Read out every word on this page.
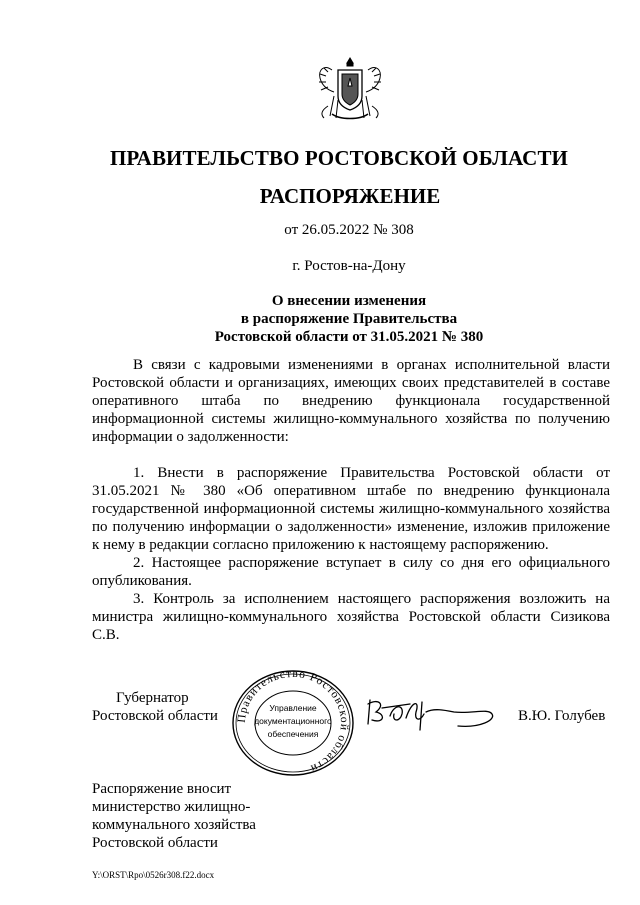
ПРАВИТЕЛЬСТВО РОСТОВСКОЙ ОБЛАСТИ
РАСПОРЯЖЕНИЕ
от 26.05.2022 № 308
г. Ростов-на-Дону
О внесении изменения
в распоряжение Правительства
Ростовской области от 31.05.2021 № 380

В связи с кадровыми изменениями в органах исполнительной власти Ростовской области и организациях, имеющих своих представителей в составе оперативного штаба по внедрению функционала государственной информационной системы жилищно-коммунального хозяйства по получению информации о задолженности:

1. Внести в распоряжение Правительства Ростовской области от 31.05.2021 № 380 «Об оперативном штабе по внедрению функционала государственной информационной системы жилищно-коммунального хозяйства по получению информации о задолженности» изменение, изложив приложение к нему в редакции согласно приложению к настоящему распоряжению.

2. Настоящее распоряжение вступает в силу со дня его официального опубликования.

3. Контроль за исполнением настоящего распоряжения возложить на министра жилищно-коммунального хозяйства Ростовской области Сизикова С.В.

Губернатор
Ростовской области Правительство Ростовской области
Управление
документационного
обеспечения
В.Ю. Голубев
Распоряжение вносит
министерство жилищно-
коммунального хозяйства
Ростовской области
Y:\ORST\Rpo\0526r308.f22.docx
